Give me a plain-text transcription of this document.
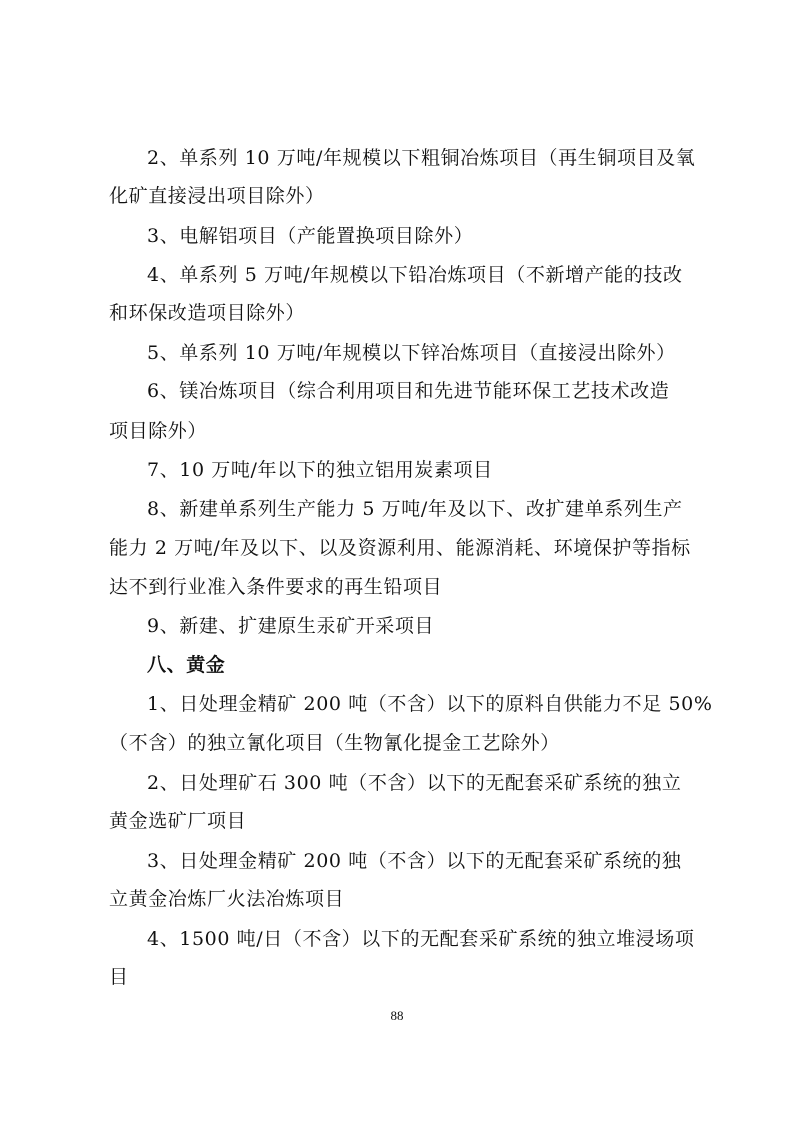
2、单系列 10 万吨/年规模以下粗铜冶炼项目（再生铜项目及氧
化矿直接浸出项目除外）
3、电解铝项目（产能置换项目除外）
4、单系列 5 万吨/年规模以下铅冶炼项目（不新增产能的技改
和环保改造项目除外）
5、单系列 10 万吨/年规模以下锌冶炼项目（直接浸出除外）
6、镁冶炼项目（综合利用项目和先进节能环保工艺技术改造
项目除外）
7、10 万吨/年以下的独立铝用炭素项目
8、新建单系列生产能力 5 万吨/年及以下、改扩建单系列生产
能力 2 万吨/年及以下、以及资源利用、能源消耗、环境保护等指标
达不到行业准入条件要求的再生铅项目
9、新建、扩建原生汞矿开采项目
八、黄金
1、日处理金精矿 200 吨（不含）以下的原料自供能力不足 50%
（不含）的独立氰化项目（生物氰化提金工艺除外）
2、日处理矿石 300 吨（不含）以下的无配套采矿系统的独立
黄金选矿厂项目
3、日处理金精矿 200 吨（不含）以下的无配套采矿系统的独
立黄金冶炼厂火法冶炼项目
4、1500 吨/日（不含）以下的无配套采矿系统的独立堆浸场项
目
88
